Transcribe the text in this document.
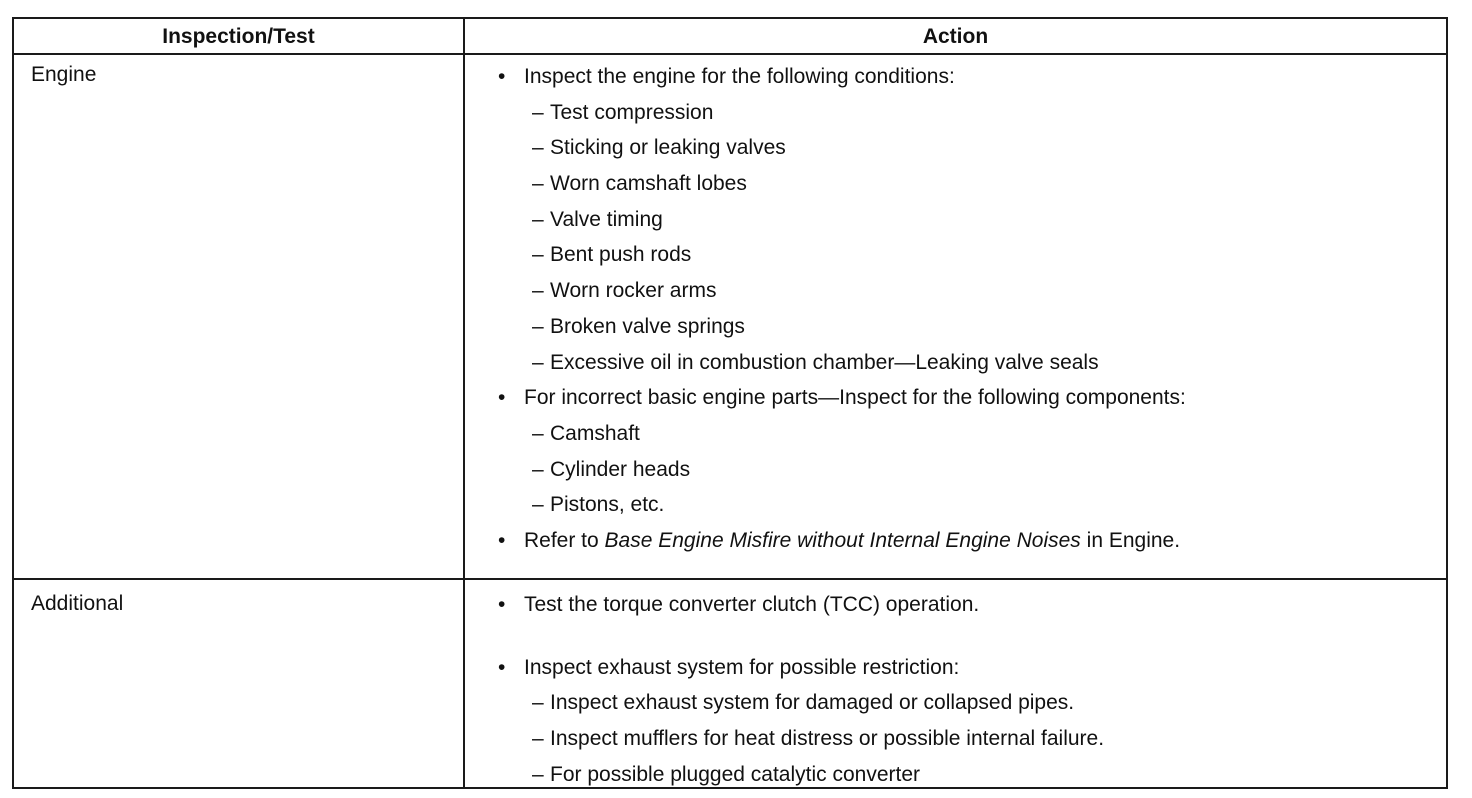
Inspection/Test	Action
Engine	• Inspect the engine for the following conditions:
– Test compression
– Sticking or leaking valves
– Worn camshaft lobes
– Valve timing
– Bent push rods
– Worn rocker arms
– Broken valve springs
– Excessive oil in combustion chamber—Leaking valve seals
• For incorrect basic engine parts—Inspect for the following components:
– Camshaft
– Cylinder heads
– Pistons, etc.
• Refer to Base Engine Misfire without Internal Engine Noises in Engine.
Additional	• Test the torque converter clutch (TCC) operation.
• Inspect exhaust system for possible restriction:
– Inspect exhaust system for damaged or collapsed pipes.
– Inspect mufflers for heat distress or possible internal failure.
– For possible plugged catalytic converter
